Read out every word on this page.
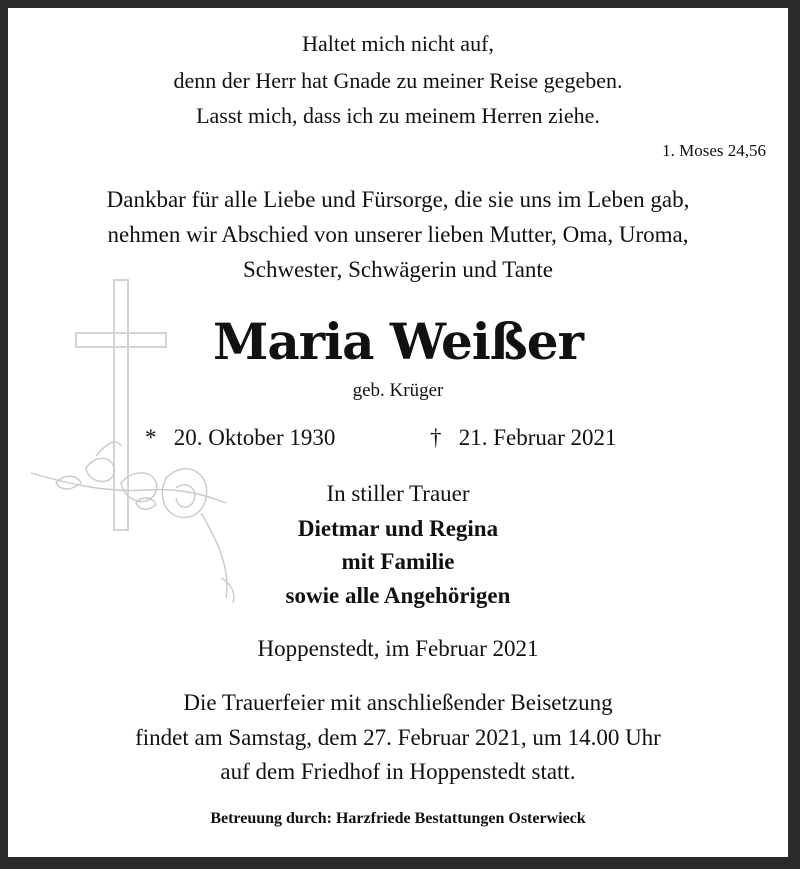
Haltet mich nicht auf,
denn der Herr hat Gnade zu meiner Reise gegeben.
Lasst mich, dass ich zu meinem Herren ziehe.
1. Moses 24,56
Dankbar für alle Liebe und Fürsorge, die sie uns im Leben gab,
nehmen wir Abschied von unserer lieben Mutter, Oma, Uroma,
Schwester, Schwägerin und Tante
Maria Weißer
geb. Krüger
* 20. Oktober 1930	† 21. Februar 2021
In stiller Trauer
Dietmar und Regina
mit Familie
sowie alle Angehörigen
Hoppenstedt, im Februar 2021
Die Trauerfeier mit anschließender Beisetzung
findet am Samstag, dem 27. Februar 2021, um 14.00 Uhr
auf dem Friedhof in Hoppenstedt statt.
Betreuung durch: Harzfriede Bestattungen Osterwieck
